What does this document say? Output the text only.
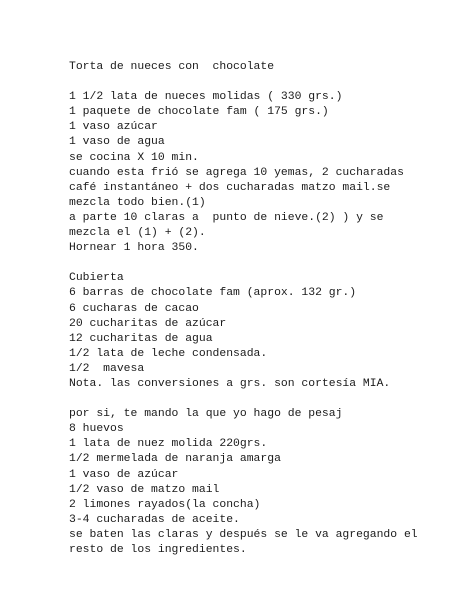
Torta de nueces con  chocolate
1 1/2 lata de nueces molidas ( 330 grs.)
1 paquete de chocolate fam ( 175 grs.)
1 vaso azúcar
1 vaso de agua
se cocina X 10 min.
cuando esta frió se agrega 10 yemas, 2 cucharadas
café instantáneo + dos cucharadas matzo mail.se
mezcla todo bien.(1)
a parte 10 claras a  punto de nieve.(2) ) y se
mezcla el (1) + (2).
Hornear 1 hora 350.
Cubierta
6 barras de chocolate fam (aprox. 132 gr.)
6 cucharas de cacao
20 cucharitas de azúcar
12 cucharitas de agua
1/2 lata de leche condensada.
1/2  mavesa
Nota. las conversiones a grs. son cortesía MIA.
por si, te mando la que yo hago de pesaj
8 huevos
1 lata de nuez molida 220grs.
1/2 mermelada de naranja amarga
1 vaso de azúcar
1/2 vaso de matzo mail
2 limones rayados(la concha)
3-4 cucharadas de aceite.
se baten las claras y después se le va agregando el
resto de los ingredientes.
